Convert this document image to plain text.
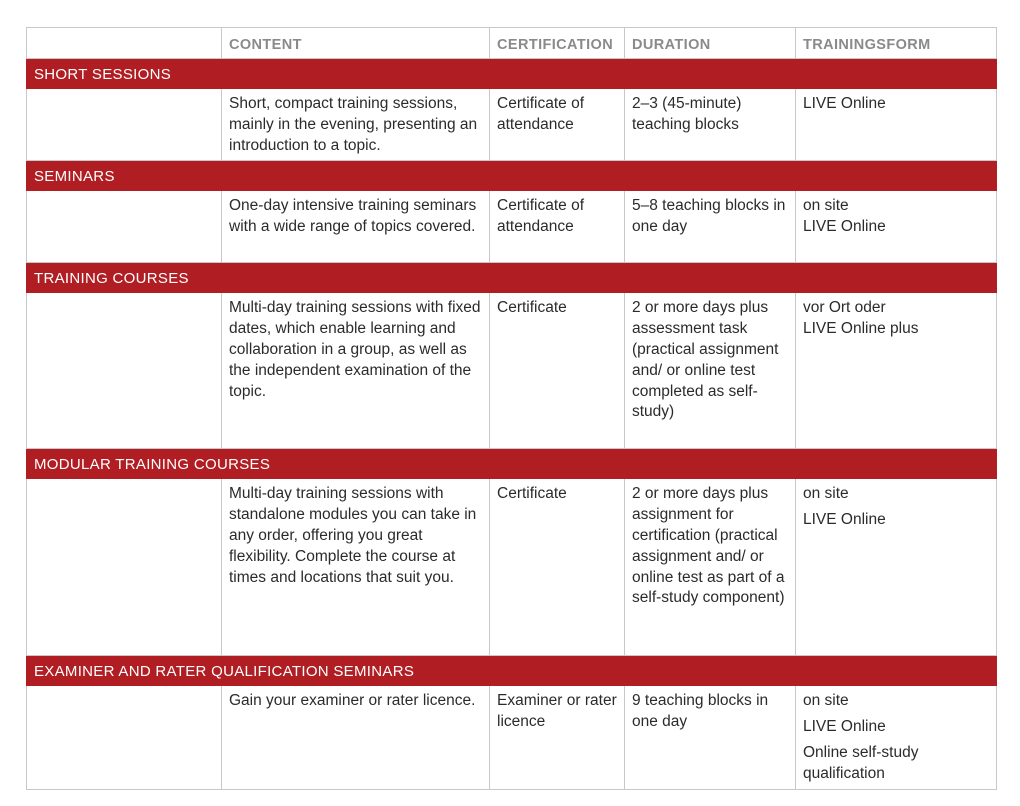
	CONTENT	CERTIFICATION	DURATION	TRAININGSFORM
SHORT SESSIONS				
	Short, compact training sessions, mainly in the evening, presenting an introduction to a topic.	Certificate of attendance	2–3 (45-minute) teaching blocks	LIVE Online

SEMINARS				
	One-day intensive training seminars with a wide range of topics covered.	Certificate of attendance	5–8 teaching blocks in one day	on site
LIVE Online

TRAINING COURSES				
	Multi-day training sessions with fixed dates, which enable learning and collaboration in a group, as well as the independent examination of the topic.	Certificate	2 or more days plus assessment task (practical assignment and/ or online test completed as self-study)	vor Ort oder
LIVE Online plus

MODULAR TRAINING COURSES				
	Multi-day training sessions with standalone modules you can take in any order, offering you great flexibility. Complete the course at times and locations that suit you.	Certificate	2 or more days plus assignment for certification (practical assignment and/ or online test as part of a self-study component)	on site
LIVE Online

EXAMINER AND RATER QUALIFICATION SEMINARS				
	Gain your examiner or rater licence.	Examiner or rater licence	9 teaching blocks in one day	on site
LIVE Online
Online self-study qualification
